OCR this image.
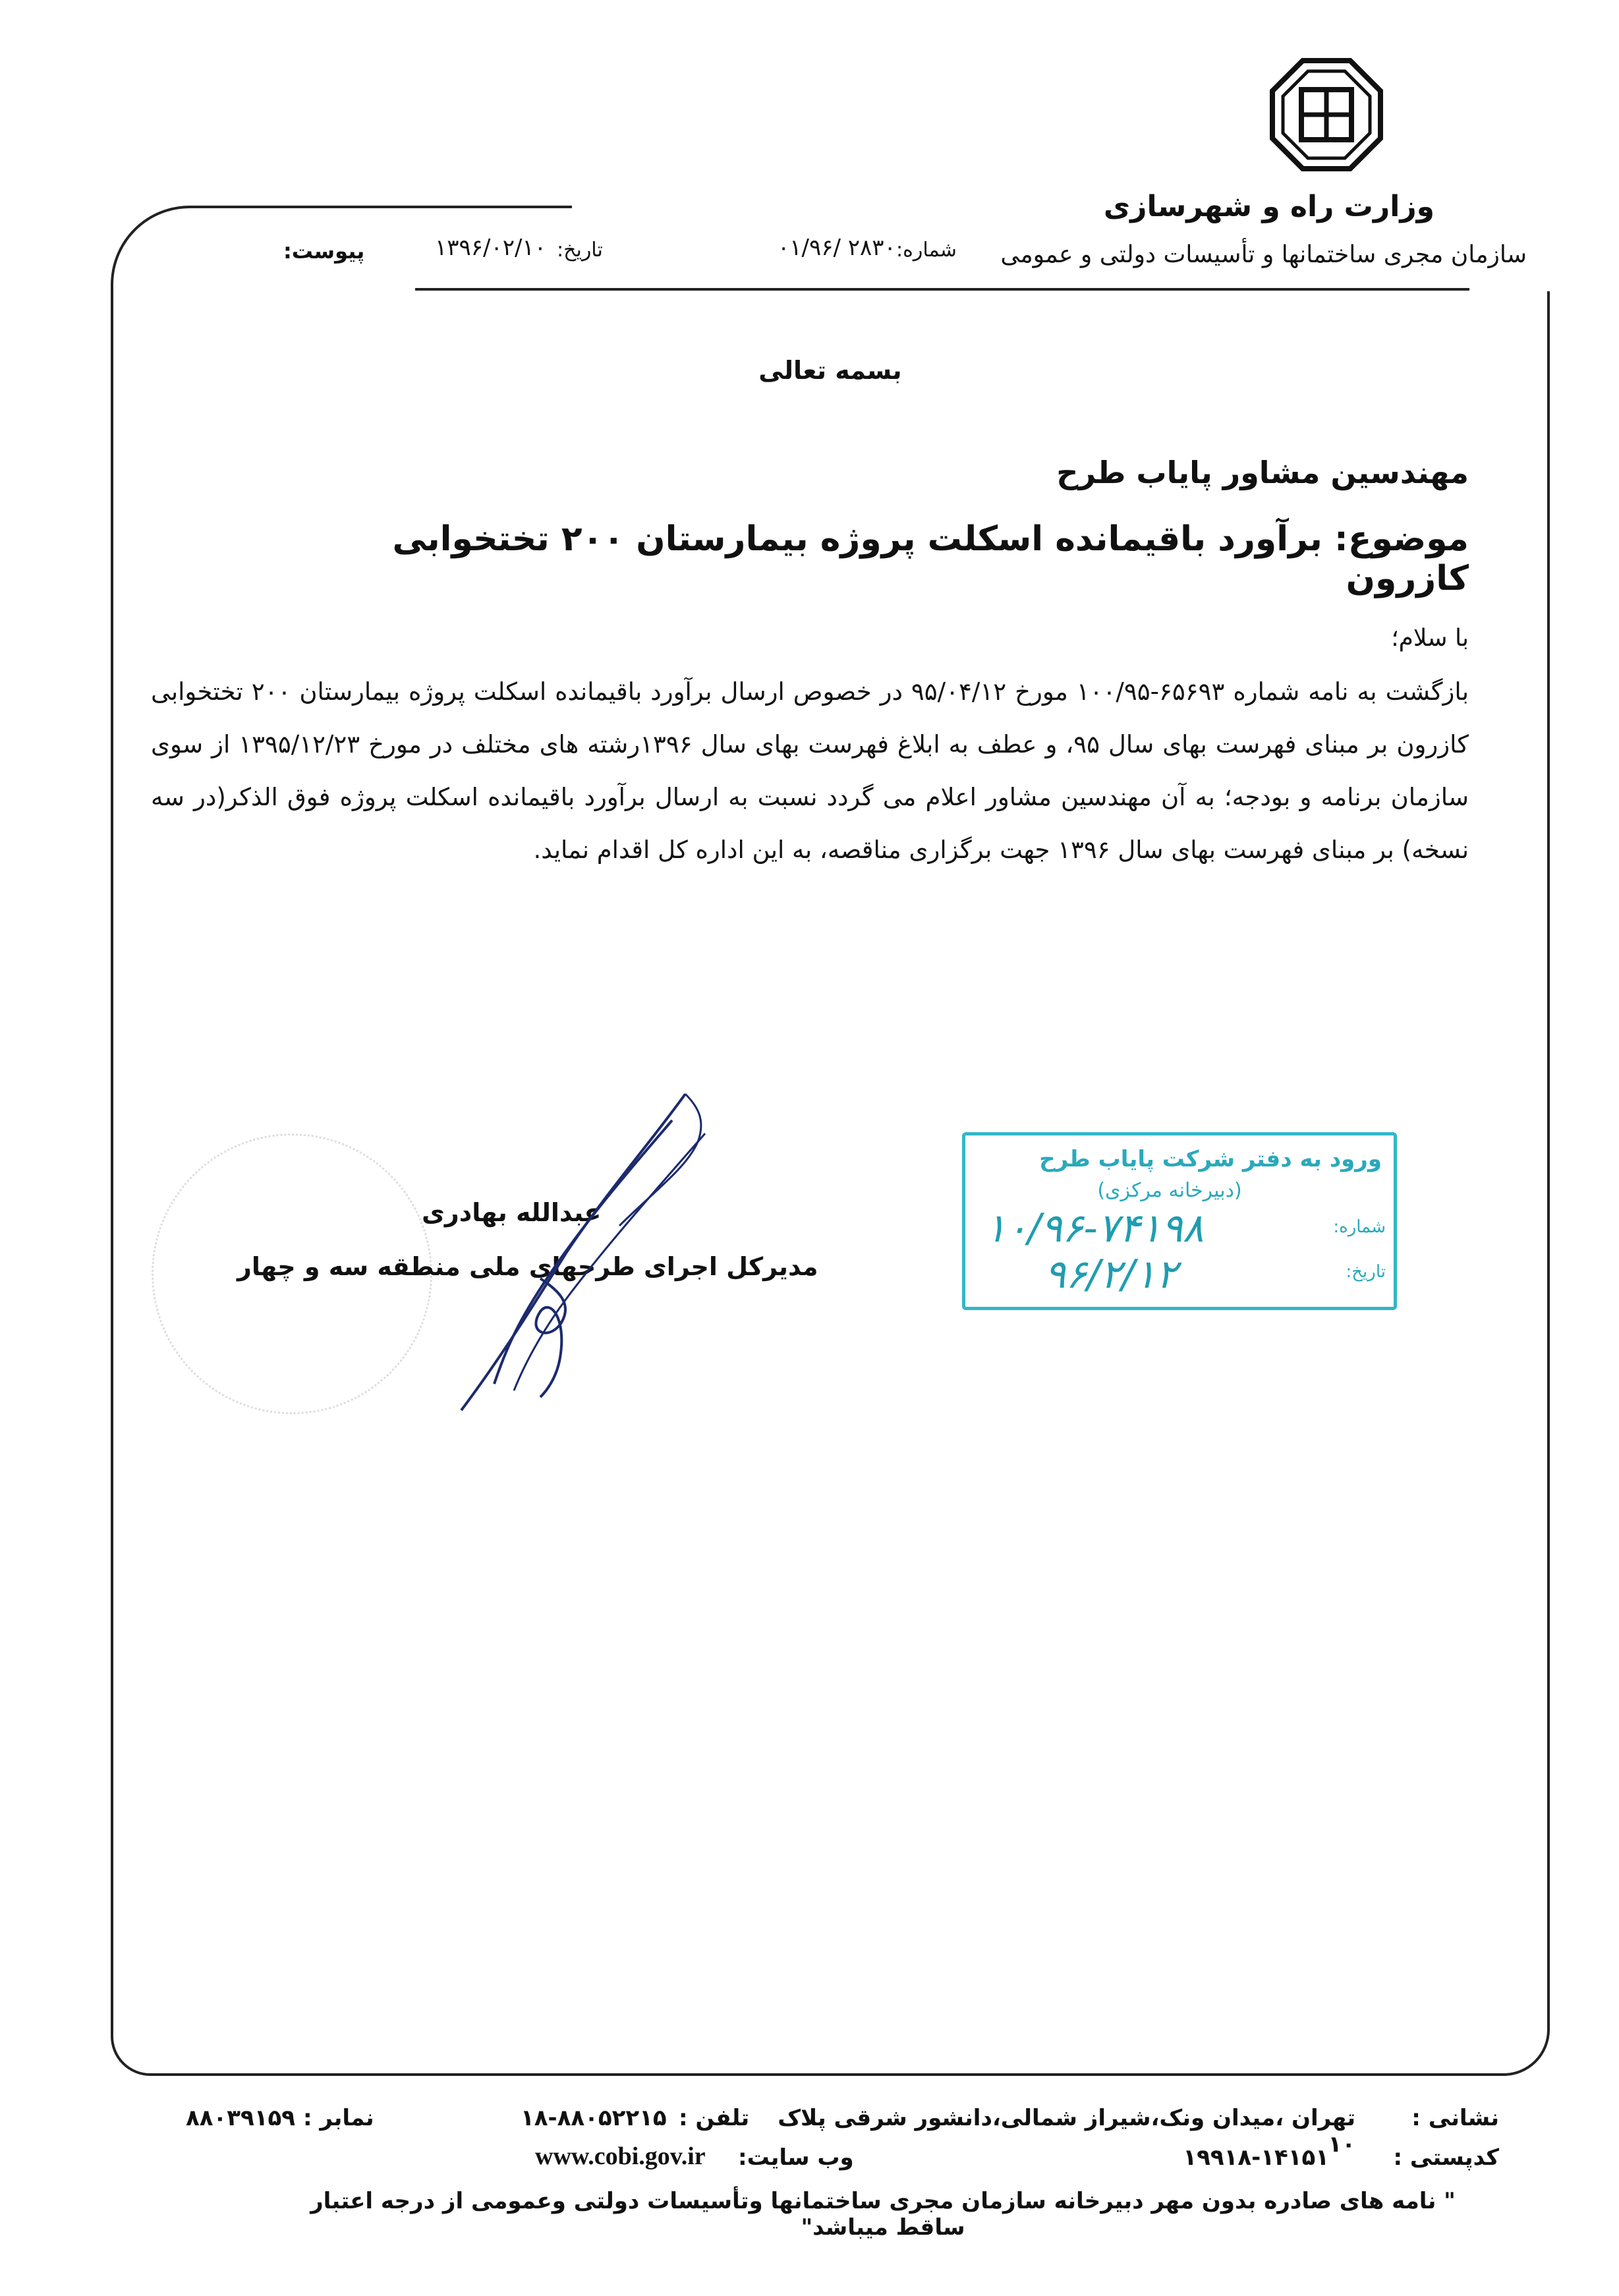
وزارت راه و شهرسازی
سازمان مجری ساختمانها و تأسیسات دولتی و عمومی
شماره:
۰۱/۹۶/ ۲۸۳۰
تاریخ:
۱۳۹۶/۰۲/۱۰
پیوست:
بسمه تعالی
مهندسین مشاور پایاب طرح
موضوع: برآورد باقیمانده اسکلت پروژه بیمارستان ۲۰۰ تختخوابی کازرون
با سلام؛
بازگشت به نامه شماره ۶۵۶۹۳-۱۰۰/۹۵ مورخ ۹۵/۰۴/۱۲ در خصوص ارسال برآورد باقیمانده اسکلت پروژه بیمارستان ۲۰۰ تختخوابی کازرون بر مبنای فهرست بهای سال ۹۵، و عطف به ابلاغ فهرست بهای سال ۱۳۹۶رشته های مختلف در مورخ ۱۳۹۵/۱۲/۲۳ از سوی سازمان برنامه و بودجه؛ به آن مهندسین مشاور اعلام می گردد نسبت به ارسال برآورد باقیمانده اسکلت پروژه فوق الذکر(در سه نسخه) بر مبنای فهرست بهای سال ۱۳۹۶ جهت برگزاری مناقصه، به این اداره کل اقدام نماید.
عبدالله بهادری
مدیرکل اجرای طرحهای ملی منطقه سه و چهار
ورود به دفتر شرکت پایاب طرح
(دبیرخانه مرکزی)
شماره:
۱۰/۹۶-۷۴۱۹۸
تاریخ:
۹۶/۲/۱۲
نشانی :
تهران ،میدان ونک،شیراز شمالی،دانشور شرقی پلاک ۱۰
تلفن :
۱۸-۸۸۰۵۲۲۱۵
نمابر :
۸۸۰۳۹۱۵۹
کدپستی :
۱۹۹۱۸-۱۴۱۵۱
وب سایت:
www.cobi.gov.ir
" نامه های صادره بدون مهر دبیرخانه سازمان مجری ساختمانها وتأسیسات دولتی وعمومی از درجه اعتبار ساقط میباشد"
